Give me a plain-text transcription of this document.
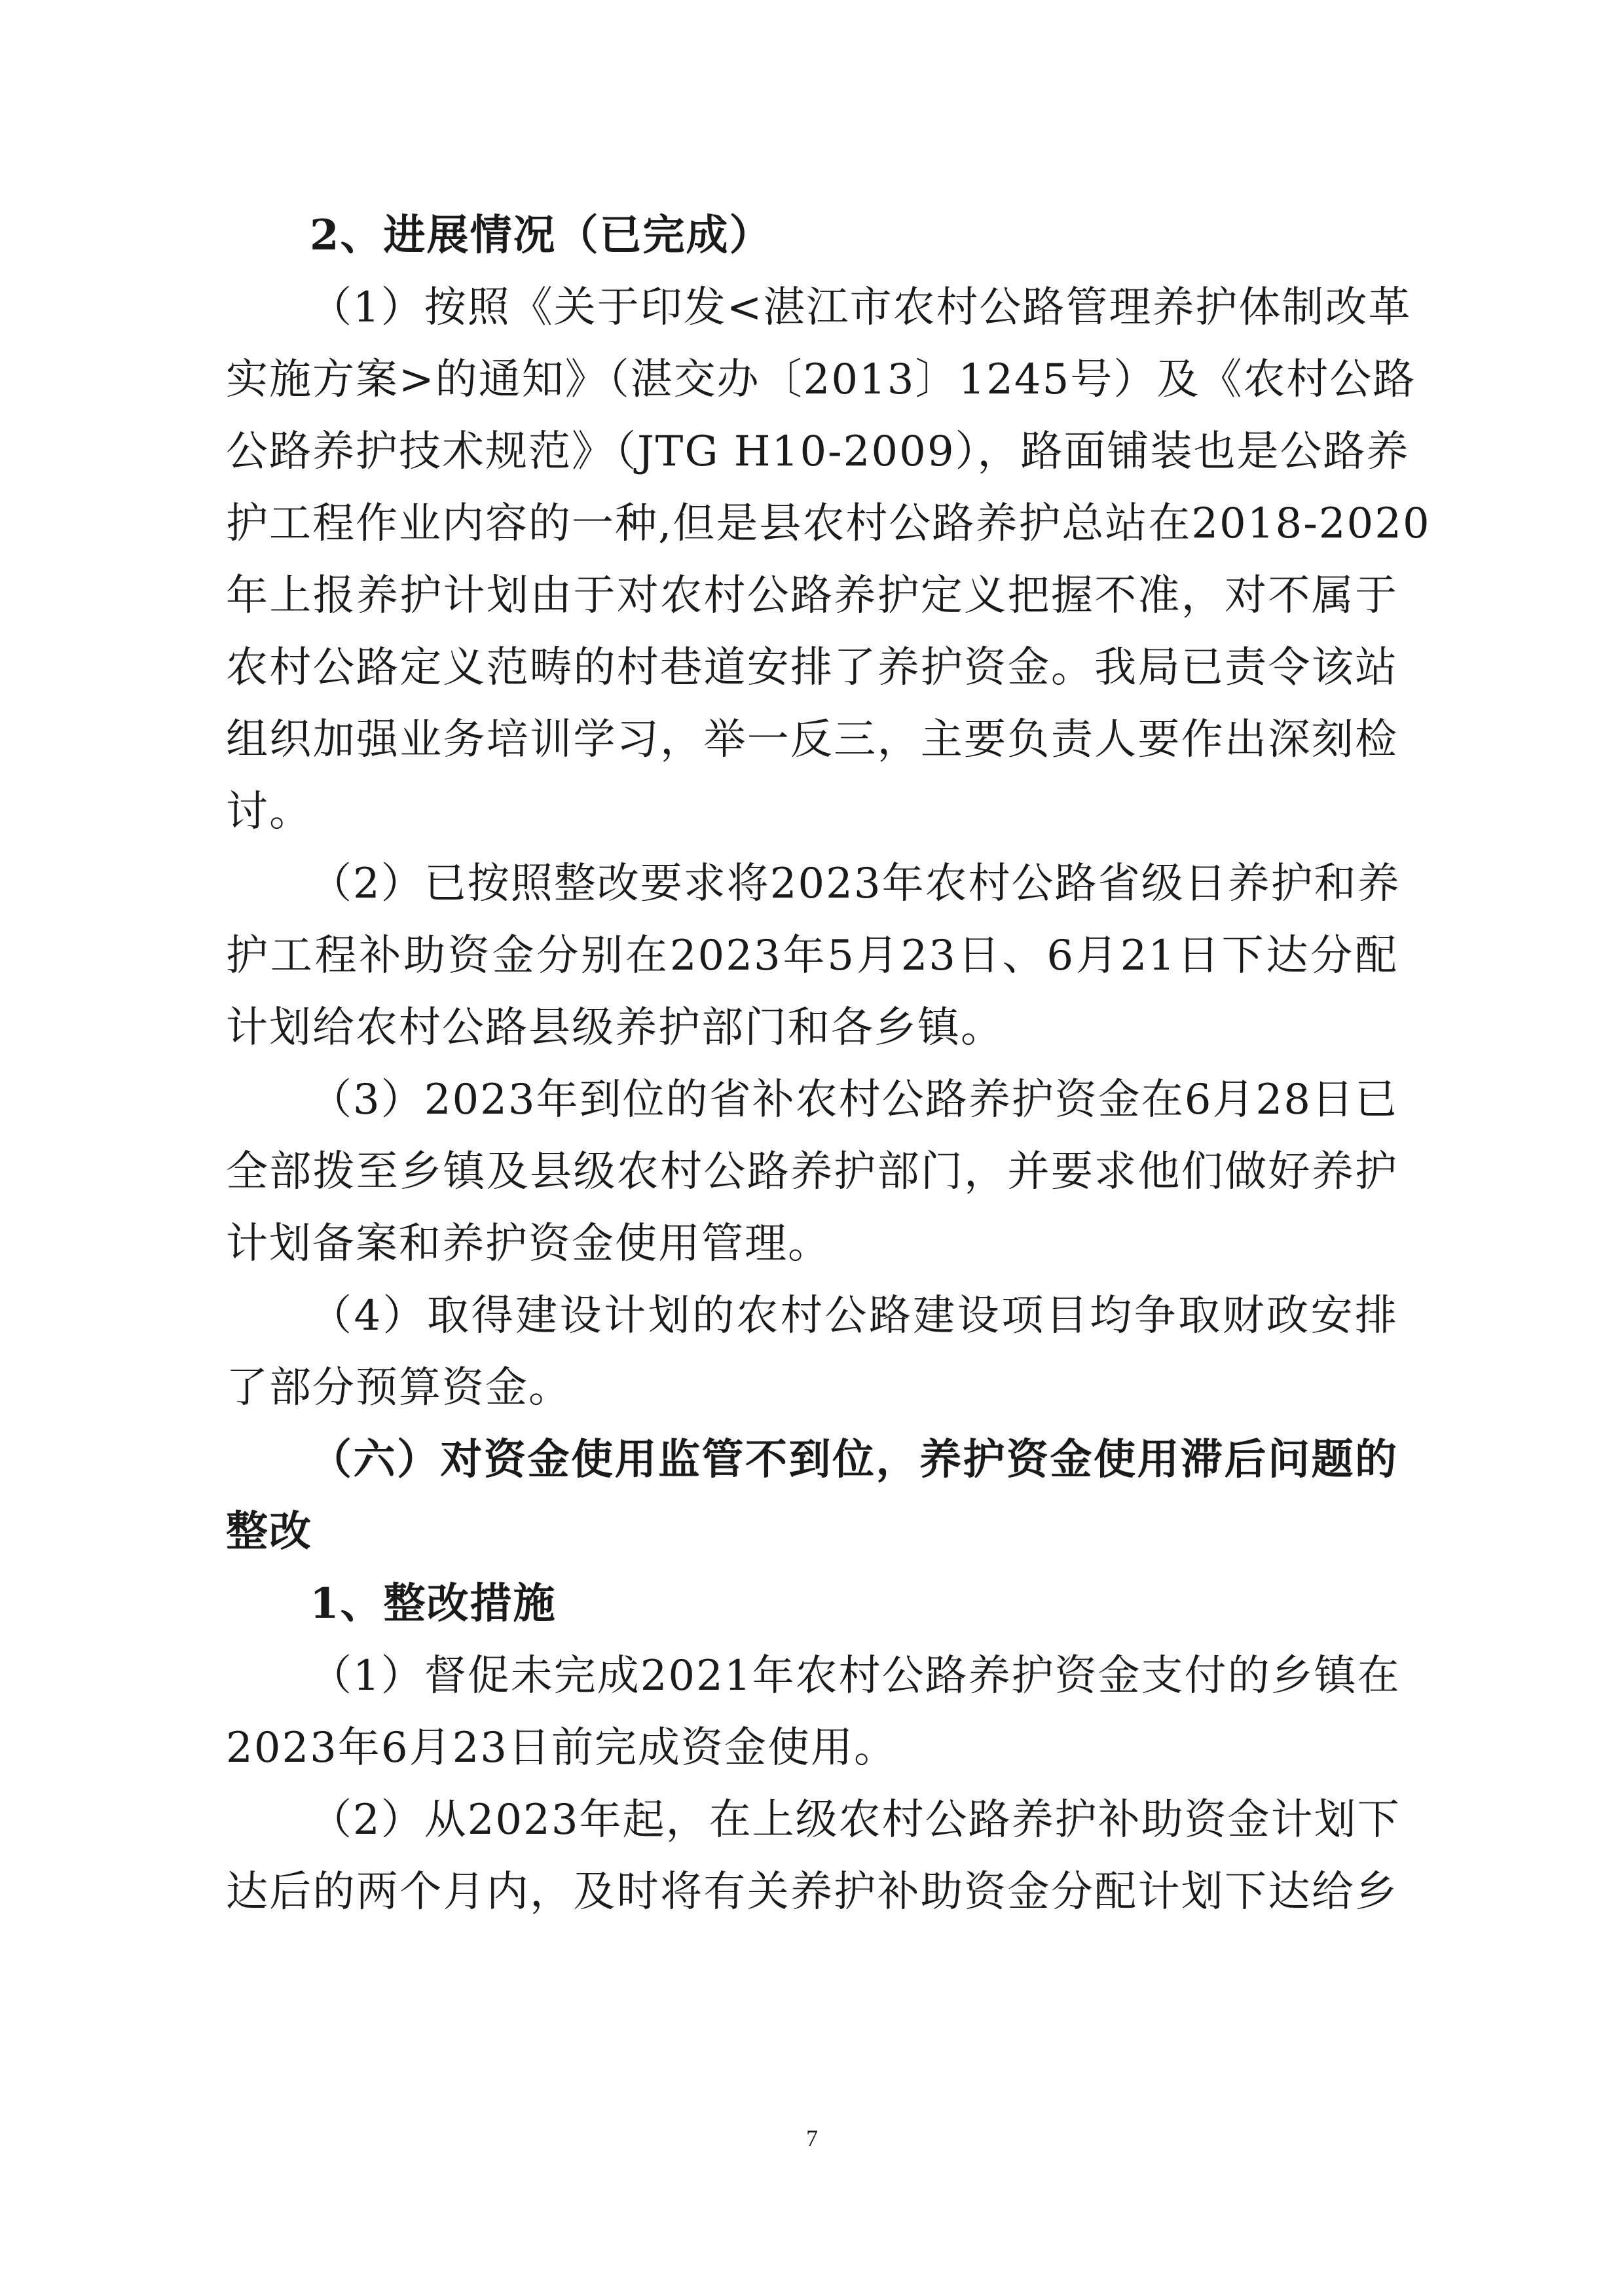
2、进展情况（已完成）
（1）按照《关于印发<湛江市农村公路管理养护体制改革
实施方案>的通知》（湛交办〔2013〕1245号）及《农村公路
公路养护技术规范》（JTG H10-2009），路面铺装也是公路养
护工程作业内容的一种,但是县农村公路养护总站在2018-2020
年上报养护计划由于对农村公路养护定义把握不准，对不属于
农村公路定义范畴的村巷道安排了养护资金。我局已责令该站
组织加强业务培训学习，举一反三，主要负责人要作出深刻检
讨。
（2）已按照整改要求将2023年农村公路省级日养护和养
护工程补助资金分别在2023年5月23日、6月21日下达分配
计划给农村公路县级养护部门和各乡镇。
（3）2023年到位的省补农村公路养护资金在6月28日已
全部拨至乡镇及县级农村公路养护部门，并要求他们做好养护
计划备案和养护资金使用管理。
（4）取得建设计划的农村公路建设项目均争取财政安排
了部分预算资金。
（六）对资金使用监管不到位，养护资金使用滞后问题的
整改
1、整改措施
（1）督促未完成2021年农村公路养护资金支付的乡镇在
2023年6月23日前完成资金使用。
（2）从2023年起，在上级农村公路养护补助资金计划下
达后的两个月内，及时将有关养护补助资金分配计划下达给乡
7
